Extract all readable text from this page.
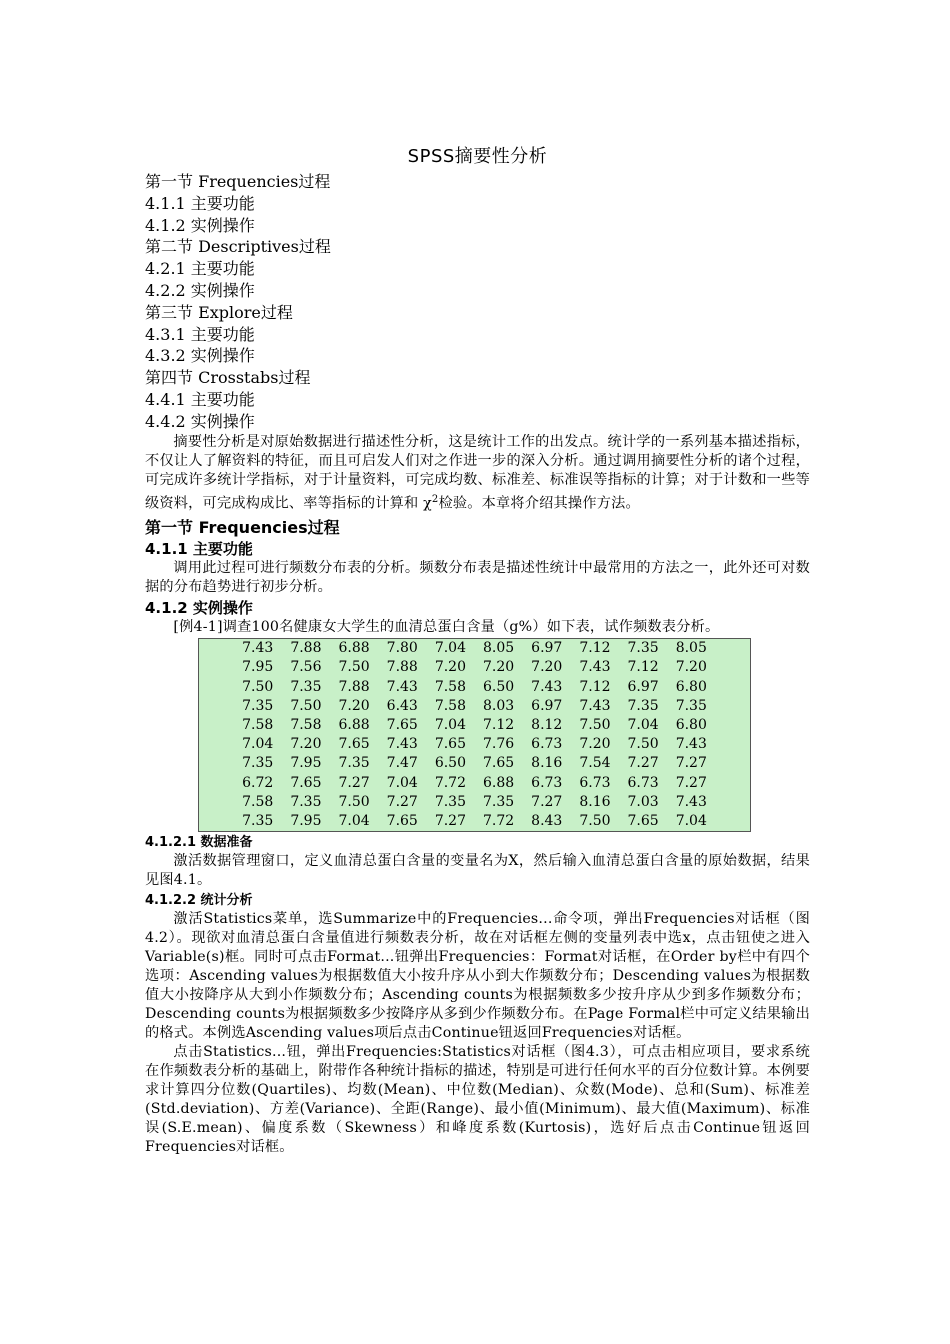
SPSS摘要性分析
第一节 Frequencies过程
4.1.1 主要功能
4.1.2 实例操作
第二节 Descriptives过程
4.2.1 主要功能
4.2.2 实例操作
第三节 Explore过程
4.3.1 主要功能
4.3.2 实例操作
第四节 Crosstabs过程
4.4.1 主要功能
4.4.2 实例操作

摘要性分析是对原始数据进行描述性分析，这是统计工作的出发点。统计学的一系列基本描述指标，不仅让人了解资料的特征，而且可启发人们对之作进一步的深入分析。通过调用摘要性分析的诸个过程，可完成许多统计学指标，对于计量资料，可完成均数、标准差、标准误等指标的计算；对于计数和一些等级资料，可完成构成比、率等指标的计算和 $\chi^2$检验。本章将介绍其操作方法。

第一节 Frequencies过程
4.1.1 主要功能

调用此过程可进行频数分布表的分析。频数分布表是描述性统计中最常用的方法之一，此外还可对数据的分布趋势进行初步分析。

4.1.2 实例操作

[例4-1]调查100名健康女大学生的血清总蛋白含量（g%）如下表，试作频数表分析。

7.43	7.88	6.88	7.80	7.04	8.05	6.97	7.12	7.35	8.05
7.95	7.56	7.50	7.88	7.20	7.20	7.20	7.43	7.12	7.20
7.50	7.35	7.88	7.43	7.58	6.50	7.43	7.12	6.97	6.80
7.35	7.50	7.20	6.43	7.58	8.03	6.97	7.43	7.35	7.35
7.58	7.58	6.88	7.65	7.04	7.12	8.12	7.50	7.04	6.80
7.04	7.20	7.65	7.43	7.65	7.76	6.73	7.20	7.50	7.43
7.35	7.95	7.35	7.47	6.50	7.65	8.16	7.54	7.27	7.27
6.72	7.65	7.27	7.04	7.72	6.88	6.73	6.73	6.73	7.27
7.58	7.35	7.50	7.27	7.35	7.35	7.27	8.16	7.03	7.43
7.35	7.95	7.04	7.65	7.27	7.72	8.43	7.50	7.65	7.04
4.1.2.1 数据准备

激活数据管理窗口，定义血清总蛋白含量的变量名为X，然后输入血清总蛋白含量的原始数据，结果见图4.1。

4.1.2.2 统计分析

激活Statistics菜单，选Summarize中的Frequencies...命令项，弹出Frequencies对话框（图4.2）。现欲对血清总蛋白含量值进行频数表分析，故在对话框左侧的变量列表中选x，点击钮使之进入Variable(s)框。同时可点击Format...钮弹出Frequencies：Format对话框，在Order by栏中有四个选项：Ascending values为根据数值大小按升序从小到大作频数分布；Descending values为根据数值大小按降序从大到小作频数分布；Ascending counts为根据频数多少按升序从少到多作频数分布；Descending counts为根据频数多少按降序从多到少作频数分布。在Page Formal栏中可定义结果输出的格式。本例选Ascending values项后点击Continue钮返回Frequencies对话框。

点击Statistics...钮，弹出Frequencies:Statistics对话框（图4.3），可点击相应项目，要求系统在作频数表分析的基础上，附带作各种统计指标的描述，特别是可进行任何水平的百分位数计算。本例要求计算四分位数(Quartiles)、均数(Mean)、中位数(Median)、众数(Mode)、总和(Sum)、标准差(Std.deviation)、方差(Variance)、全距(Range)、最小值(Minimum)、最大值(Maximum)、标准误(S.E.mean)、偏度系数（Skewness）和峰度系数(Kurtosis)，选好后点击Continue钮返回Frequencies对话框。
